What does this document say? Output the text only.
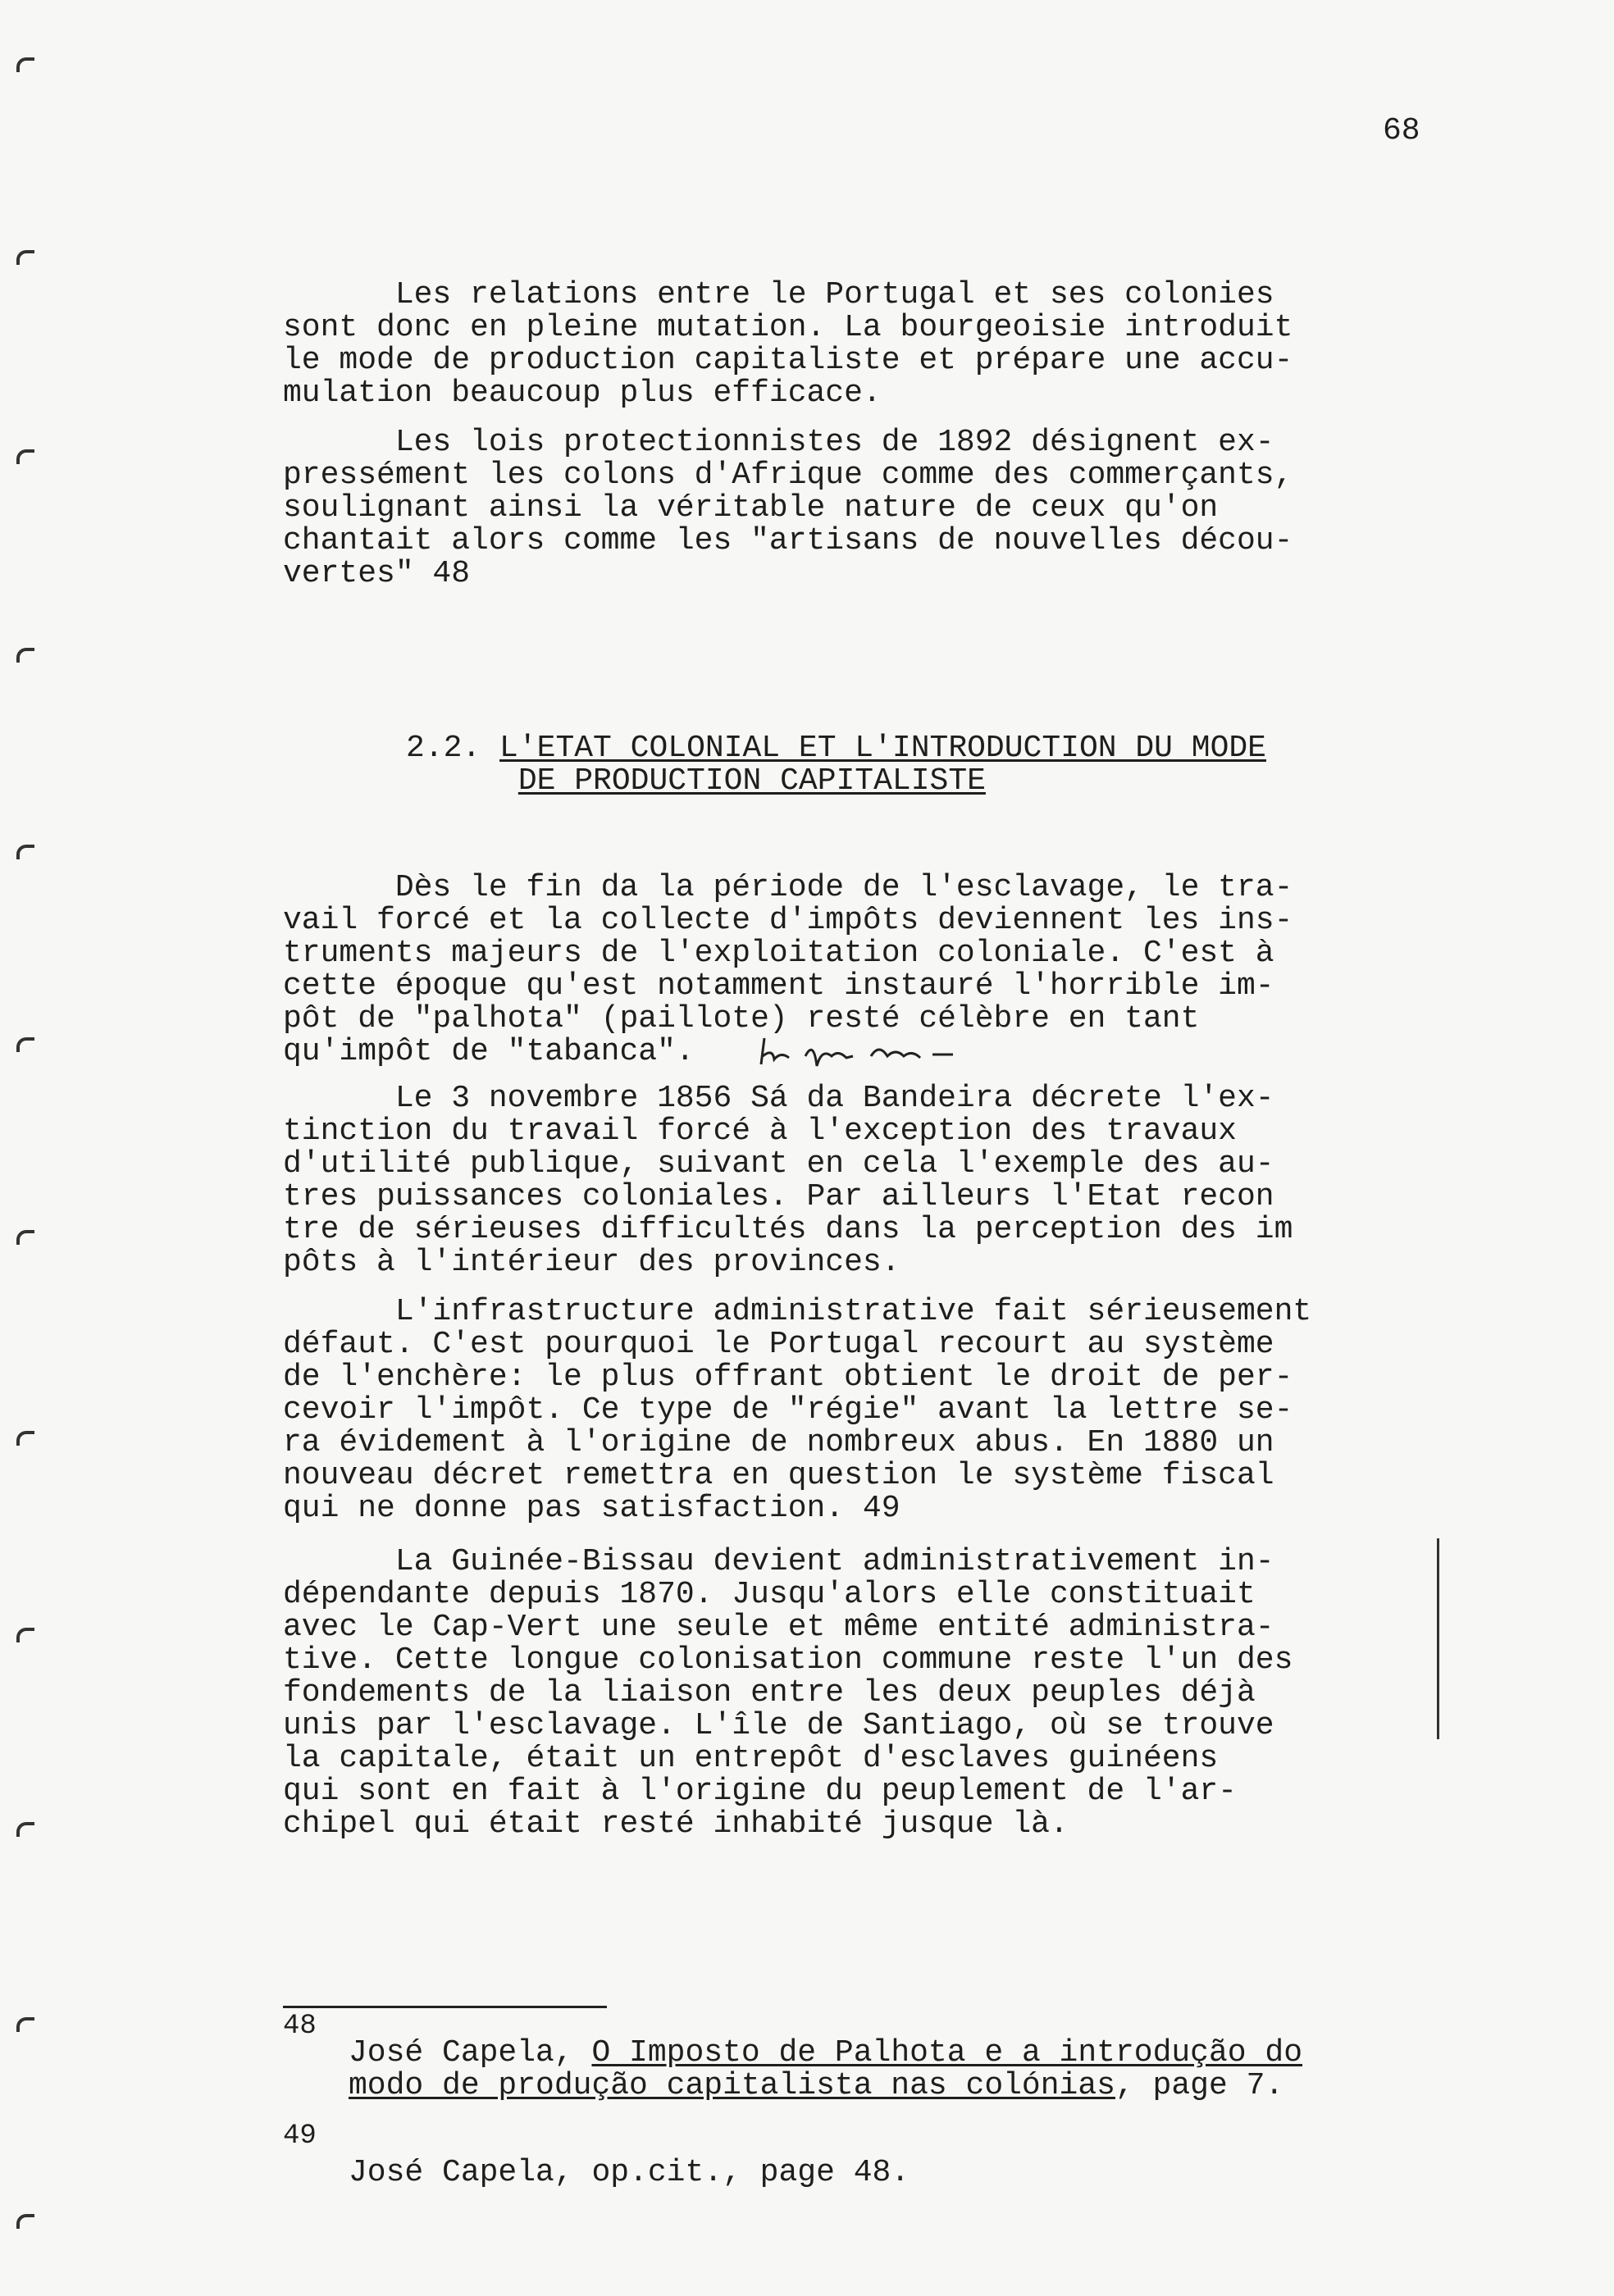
68
Les relations entre le Portugal et ses colonies
sont donc en pleine mutation. La bourgeoisie introduit
le mode de production capitaliste et prépare une accu-
mulation beaucoup plus efficace.
Les lois protectionnistes de 1892 désignent ex-
pressément les colons d'Afrique comme des commerçants,
soulignant ainsi la véritable nature de ceux qu'on
chantait alors comme les "artisans de nouvelles décou-
vertes" 48
2.2. L'ETAT COLONIAL ET L'INTRODUCTION DU MODE
DE PRODUCTION CAPITALISTE
Dès le fin da la période de l'esclavage, le tra-
vail forcé et la collecte d'impôts deviennent les ins-
truments majeurs de l'exploitation coloniale. C'est à
cette époque qu'est notamment instauré l'horrible im-
pôt de "palhota" (paillote) resté célèbre en tant
qu'impôt de "tabanca".
Le 3 novembre 1856 Sá da Bandeira décrete l'ex-
tinction du travail forcé à l'exception des travaux
d'utilité publique, suivant en cela l'exemple des au-
tres puissances coloniales. Par ailleurs l'Etat recon
tre de sérieuses difficultés dans la perception des im
pôts à l'intérieur des provinces.
L'infrastructure administrative fait sérieusement
défaut. C'est pourquoi le Portugal recourt au système
de l'enchère: le plus offrant obtient le droit de per-
cevoir l'impôt. Ce type de "régie" avant la lettre se-
ra évidement à l'origine de nombreux abus. En 1880 un
nouveau décret remettra en question le système fiscal
qui ne donne pas satisfaction. 49
La Guinée-Bissau devient administrativement in-
dépendante depuis 1870. Jusqu'alors elle constituait
avec le Cap-Vert une seule et même entité administra-
tive. Cette longue colonisation commune reste l'un des
fondements de la liaison entre les deux peuples déjà
unis par l'esclavage. L'île de Santiago, où se trouve
la capitale, était un entrepôt d'esclaves guinéens
qui sont en fait à l'origine du peuplement de l'ar-
chipel qui était resté inhabité jusque là.
48
José Capela, O Imposto de Palhota e a introdução do
modo de produção capitalista nas colónias, page 7.
49
José Capela, op.cit., page 48.
